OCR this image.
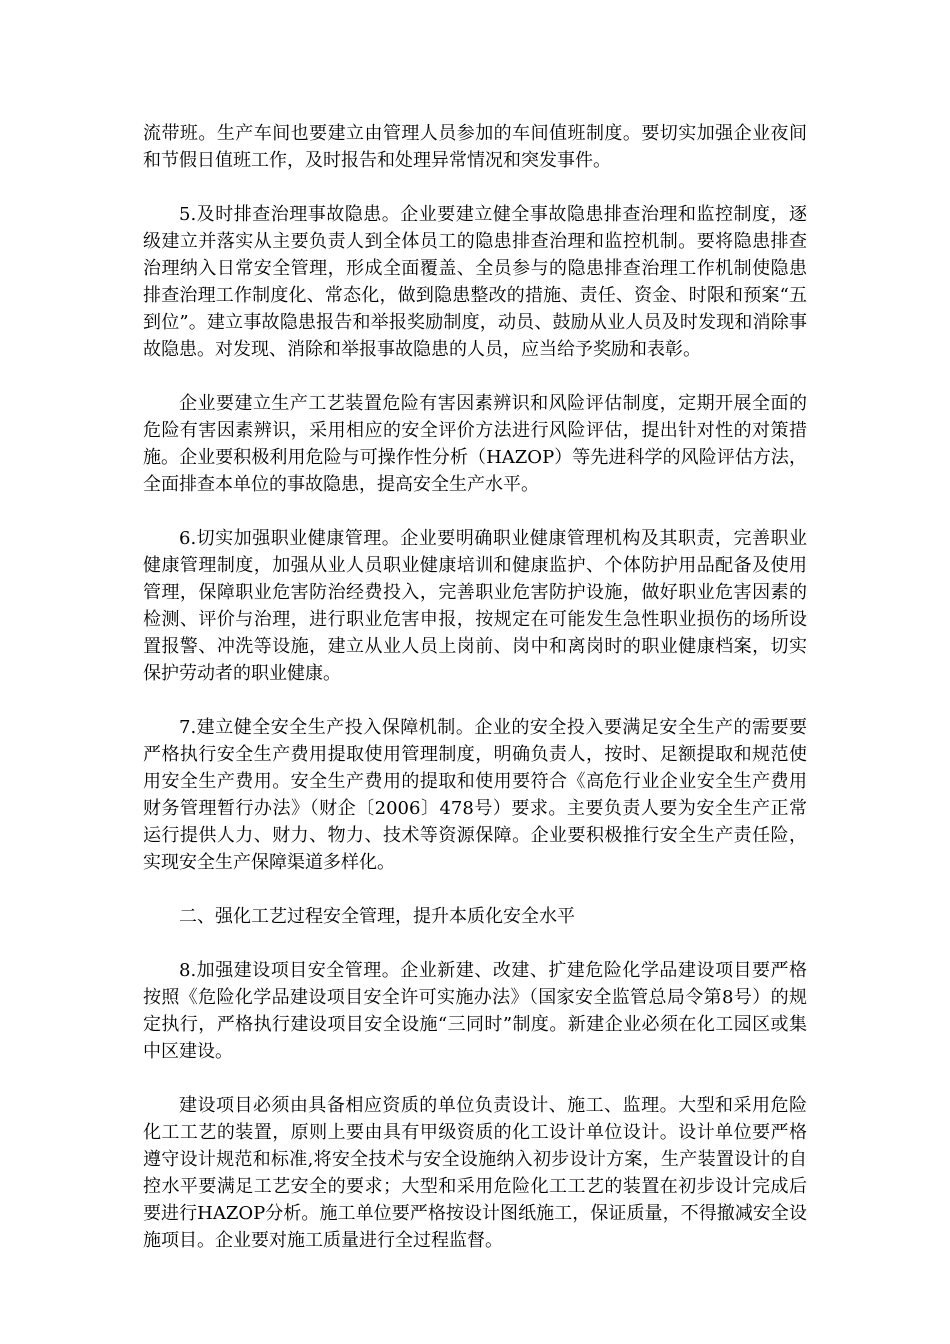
流带班。生产车间也要建立由管理人员参加的车间值班制度。要切实加强企业夜间和节假日值班工作，及时报告和处理异常情况和突发事件。

5.及时排查治理事故隐患。企业要建立健全事故隐患排查治理和监控制度，逐级建立并落实从主要负责人到全体员工的隐患排查治理和监控机制。要将隐患排查治理纳入日常安全管理，形成全面覆盖、全员参与的隐患排查治理工作机制使隐患排查治理工作制度化、常态化，做到隐患整改的措施、责任、资金、时限和预案“五到位”。建立事故隐患报告和举报奖励制度，动员、鼓励从业人员及时发现和消除事故隐患。对发现、消除和举报事故隐患的人员，应当给予奖励和表彰。

企业要建立生产工艺装置危险有害因素辨识和风险评估制度，定期开展全面的危险有害因素辨识，采用相应的安全评价方法进行风险评估，提出针对性的对策措施。企业要积极利用危险与可操作性分析（HAZOP）等先进科学的风险评估方法，全面排查本单位的事故隐患，提高安全生产水平。

6.切实加强职业健康管理。企业要明确职业健康管理机构及其职责，完善职业健康管理制度，加强从业人员职业健康培训和健康监护、个体防护用品配备及使用管理，保障职业危害防治经费投入，完善职业危害防护设施，做好职业危害因素的检测、评价与治理，进行职业危害申报，按规定在可能发生急性职业损伤的场所设置报警、冲洗等设施，建立从业人员上岗前、岗中和离岗时的职业健康档案，切实保护劳动者的职业健康。

7.建立健全安全生产投入保障机制。企业的安全投入要满足安全生产的需要要严格执行安全生产费用提取使用管理制度，明确负责人，按时、足额提取和规范使用安全生产费用。安全生产费用的提取和使用要符合《高危行业企业安全生产费用财务管理暂行办法》（财企〔2006〕478号）要求。主要负责人要为安全生产正常运行提供人力、财力、物力、技术等资源保障。企业要积极推行安全生产责任险，实现安全生产保障渠道多样化。

二、强化工艺过程安全管理，提升本质化安全水平

8.加强建设项目安全管理。企业新建、改建、扩建危险化学品建设项目要严格按照《危险化学品建设项目安全许可实施办法》（国家安全监管总局令第8号）的规定执行，严格执行建设项目安全设施“三同时”制度。新建企业必须在化工园区或集中区建设。

建设项目必须由具备相应资质的单位负责设计、施工、监理。大型和采用危险化工工艺的装置，原则上要由具有甲级资质的化工设计单位设计。设计单位要严格遵守设计规范和标准,将安全技术与安全设施纳入初步设计方案，生产装置设计的自控水平要满足工艺安全的要求；大型和采用危险化工工艺的装置在初步设计完成后要进行HAZOP分析。施工单位要严格按设计图纸施工，保证质量，不得撤减安全设施项目。企业要对施工质量进行全过程监督。
